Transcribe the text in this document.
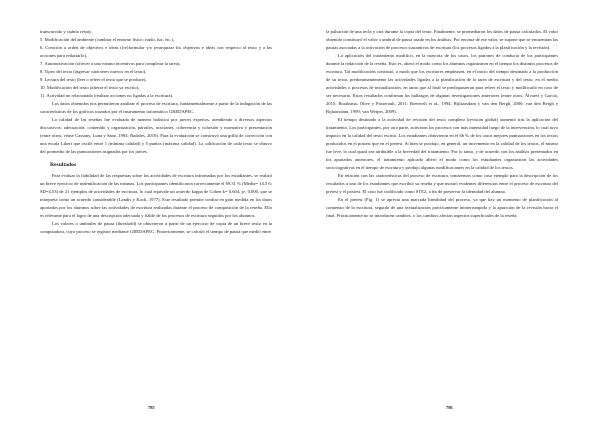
transcurrido y cuánto resta);

5. Modificación del ambiente (cambiar el entorno físico: ruido, luz, etc.),

6. Creación u orden de objetivos e ideas ((re)formular y/o jerarquizar los objetivos e ideas con respecto al texto y a las acciones para redactarlo),

7. Automotivación (ofrecer a uno mismo incentivos para completar la tarea),

8. Tipeo del texto (ingresar caracteres nuevos en el texto),

9. Lectura del texto (leer o releer el texto que se produce),

10. Modificación del texto (alterar el texto ya escrito),

11. Actividad no relacionada (realizar acciones no ligadas a la escritura).

Los datos obtenidos nos permitieron analizar el proceso de escritura, fundamentalmente a partir de la indagación de las características de los gráficos trazados por el instrumento informático GREDAPEC.

La calidad de las reseñas fue evaluada de manera holística por jueces expertos, atendiendo a diversos aspectos discursivos: adecuación, contenido y organización, párrafos, oraciones, coherencia y cohesión y normativa y presentación (entre otros, véase Cassany, Luna y Sanz, 1994; Badales, 2010). Para la evaluación se construyó una grilla de corrección con una escala Likert que osciló entre 1 (mínima calidad) y 5 puntos (máxima calidad). La calificación de cada texto se obtuvo del promedio de las puntuaciones asignadas por los jueces.

Resultados

Para evaluar la fiabilidad de las respuestas sobre las actividades de escritura informadas por los estudiantes, se realizó un breve ejercicio de indentificación de las mismas. Los participantes identificaron correctamente el 69,31 % (Media= 14,5 6; SD=4,53) de 21 ejemplos de actividades de escritura, lo cual equivale un acuerdo kappa de Cohen k= 0,604, p< 0,000, que se interpreta como un acuerdo considerable (Landis y Koch, 1977). Este resultado permite confiar en gran medida en los datos aportados por los alumnos sobre las actividades de escritura realizadas durante el proceso de composición de la reseña. Ello es relevante para el logro de una descripción adecuada y fiable de los procesos de escritura seguidos por los alumnos.

Los valores o umbrales de pausa (threshold) se obtuvieron a partir de un ejercicio de copia de un breve texto en la computadora, cuyo proceso se registró mediante GREDAPEC. Posteriormente, se calculó el tiempo de pausa que medió entre

la pulsación de una tecla y otra durante la copia del texto. Finalmente, se promediaron los datos de pausa calculados. El valor obtenido constituyó el valor o umbral de pausa usado en los análisis. Por encima de ese valor, se supone que se encuentran las pausas asociadas a la activación de procesos sustantivos de escritura (los procesos ligados a la planificación y la revisión).

La aplicación del tratamiento modificó, en la mayoría de los casos, los patrones de conducta de los participantes durante la redacción de la reseña. Esto es, alteró el modo como los alumnos organizaron en el tiempo los distintos procesos de escritura. Tal modificación consistió, a modo que los escritores empleasen, en el inicio del tiempo destinado a la producción de su texto, predominantemente las actividades ligadas a la planificación de la tarea de escritura y del texto, en el medio actividades o procesos de textualización, en tanto que al final se predispusieran para releer el texto y modificarlo en caso de ser necesario. Estos resultados confirman los hallazgos de algunas investigaciones anteriores (entre otros, Álvarez y García, 2015; Braaksma, Olive y Passerault, 2011; Breetvelt et al., 1994; Rijlaarsdam y van den Bergh, 2006; van den Bergh y Rijlaarsdam, 1999; van Weijen, 2009).

El tiempo destinado a la actividad de revisión del texto completo (revisión global) aumentó tras la aplicación del tratamiento. Los participantes, por otra parte, activaron los procesos con más intensidad luego de la intervención, lo cual tuvo impacto en la calidad del texto escrito. Los estudiantes obtuvieron en el 66 % de los casos mejores puntuaciones en los textos producidos en el postest que en el pretest. Si bien se produjo, en general, un incremento en la calidad de los textos, el mismo fue leve, lo cual quizá sea atribuible a la brevedad del tratamiento. Por lo tanto, y de acuerdo con los análisis presentados en los apartados anteriores, el tratamiento aplicado alteró el modo como los estudiantes organizaron las actividades sociocognitivas en el tiempo de escritura y produjo algunas modificaciones en la calidad de los textos.

En relación con las características del proceso de escritura, tomaremos como caso ejemplo para la descripción de los resultados a uno de los estudiantes que escribió su reseña y que mostró evidentes diferencias entre el proceso de escritura del pretest y el postest. El caso fue codificado como STE2, a fin de preservar la identidad del alumno.

En el pretest (Fig. 1) se aprecia una marcada linealidad del proceso, ya que hay un momento de planificación al comienzo de la escritura, seguido de una textualización prácticamente ininterrumpida y la aparición de la revisión hacia el final. Prácticamente no se introducen cambios, o los cambios afectan aspectos superficiales de la reseña

785	786
